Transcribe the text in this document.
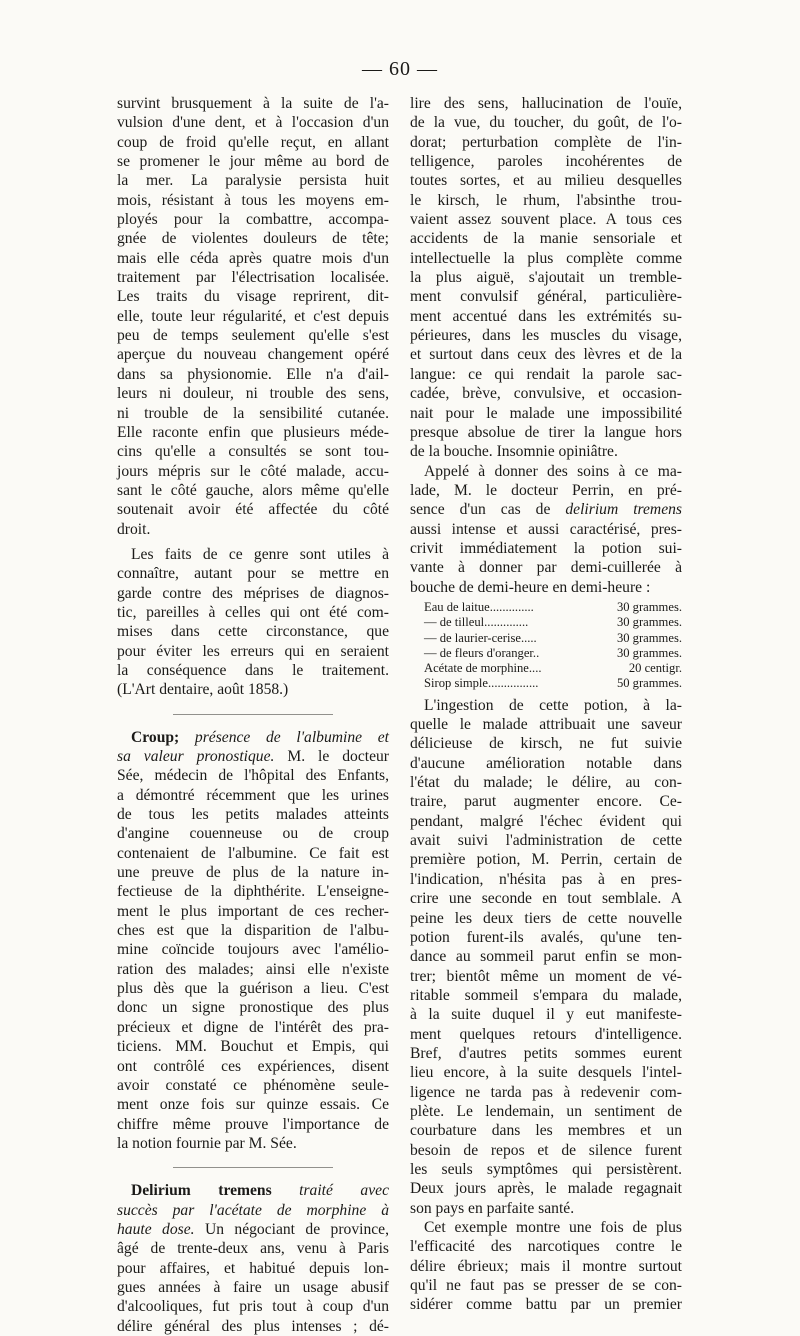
— 60 —

survint brusquement à la suite de l'a-
vulsion d'une dent, et à l'occasion d'un
coup de froid qu'elle reçut, en allant
se promener le jour même au bord de
la mer. La paralysie persista huit
mois, résistant à tous les moyens em-
ployés pour la combattre, accompa-
gnée de violentes douleurs de tête;
mais elle céda après quatre mois d'un
traitement par l'électrisation localisée.
Les traits du visage reprirent, dit-
elle, toute leur régularité, et c'est depuis
peu de temps seulement qu'elle s'est
aperçue du nouveau changement opéré
dans sa physionomie. Elle n'a d'ail-
leurs ni douleur, ni trouble des sens,
ni trouble de la sensibilité cutanée.
Elle raconte enfin que plusieurs méde-
cins qu'elle a consultés se sont tou-
jours mépris sur le côté malade, accu-
sant le côté gauche, alors même qu'elle
soutenait avoir été affectée du côté
droit.

Les faits de ce genre sont utiles à
connaître, autant pour se mettre en
garde contre des méprises de diagnos-
tic, pareilles à celles qui ont été com-
mises dans cette circonstance, que
pour éviter les erreurs qui en seraient
la conséquence dans le traitement.
(L'Art dentaire, août 1858.)

Croup; présence de l'albumine et
sa valeur pronostique. M. le docteur
Sée, médecin de l'hôpital des Enfants,
a démontré récemment que les urines
de tous les petits malades atteints
d'angine couenneuse ou de croup
contenaient de l'albumine. Ce fait est
une preuve de plus de la nature in-
fectieuse de la diphthérite. L'enseigne-
ment le plus important de ces recher-
ches est que la disparition de l'albu-
mine coïncide toujours avec l'amélio-
ration des malades; ainsi elle n'existe
plus dès que la guérison a lieu. C'est
donc un signe pronostique des plus
précieux et digne de l'intérêt des pra-
ticiens. MM. Bouchut et Empis, qui
ont contrôlé ces expériences, disent
avoir constaté ce phénomène seule-
ment onze fois sur quinze essais. Ce
chiffre même prouve l'importance de
la notion fournie par M. Sée.

Delirium tremens traité avec
succès par l'acétate de morphine à
haute dose. Un négociant de province,
âgé de trente-deux ans, venu à Paris
pour affaires, et habitué depuis lon-
gues années à faire un usage abusif
d'alcooliques, fut pris tout à coup d'un
délire général des plus intenses ; dé-

lire des sens, hallucination de l'ouïe,
de la vue, du toucher, du goût, de l'o-
dorat; perturbation complète de l'in-
telligence, paroles incohérentes de
toutes sortes, et au milieu desquelles
le kirsch, le rhum, l'absinthe trou-
vaient assez souvent place. A tous ces
accidents de la manie sensoriale et
intellectuelle la plus complète comme
la plus aiguë, s'ajoutait un tremble-
ment convulsif général, particulière-
ment accentué dans les extrémités su-
périeures, dans les muscles du visage,
et surtout dans ceux des lèvres et de la
langue: ce qui rendait la parole sac-
cadée, brève, convulsive, et occasion-
nait pour le malade une impossibilité
presque absolue de tirer la langue hors
de la bouche. Insomnie opiniâtre.

Appelé à donner des soins à ce ma-
lade, M. le docteur Perrin, en pré-
sence d'un cas de delirium tremens
aussi intense et aussi caractérisé, pres-
crivit immédiatement la potion sui-
vante à donner par demi-cuillerée à
bouche de demi-heure en demi-heure :

Eau de laitue..............	30 grammes.
— de tilleul..............	30 grammes.
— de laurier-cerise.....	30 grammes.
— de fleurs d'oranger..	30 grammes.
Acétate de morphine....	20 centigr.
Sirop simple................	50 grammes.

L'ingestion de cette potion, à la-
quelle le malade attribuait une saveur
délicieuse de kirsch, ne fut suivie
d'aucune amélioration notable dans
l'état du malade; le délire, au con-
traire, parut augmenter encore. Ce-
pendant, malgré l'échec évident qui
avait suivi l'administration de cette
première potion, M. Perrin, certain de
l'indication, n'hésita pas à en pres-
crire une seconde en tout semblale. A
peine les deux tiers de cette nouvelle
potion furent-ils avalés, qu'une ten-
dance au sommeil parut enfin se mon-
trer; bientôt même un moment de vé-
ritable sommeil s'empara du malade,
à la suite duquel il y eut manifeste-
ment quelques retours d'intelligence.
Bref, d'autres petits sommes eurent
lieu encore, à la suite desquels l'intel-
ligence ne tarda pas à redevenir com-
plète. Le lendemain, un sentiment de
courbature dans les membres et un
besoin de repos et de silence furent
les seuls symptômes qui persistèrent.
Deux jours après, le malade regagnait
son pays en parfaite santé.

Cet exemple montre une fois de plus
l'efficacité des narcotiques contre le
délire ébrieux; mais il montre surtout
qu'il ne faut pas se presser de se con-
sidérer comme battu par un premier
